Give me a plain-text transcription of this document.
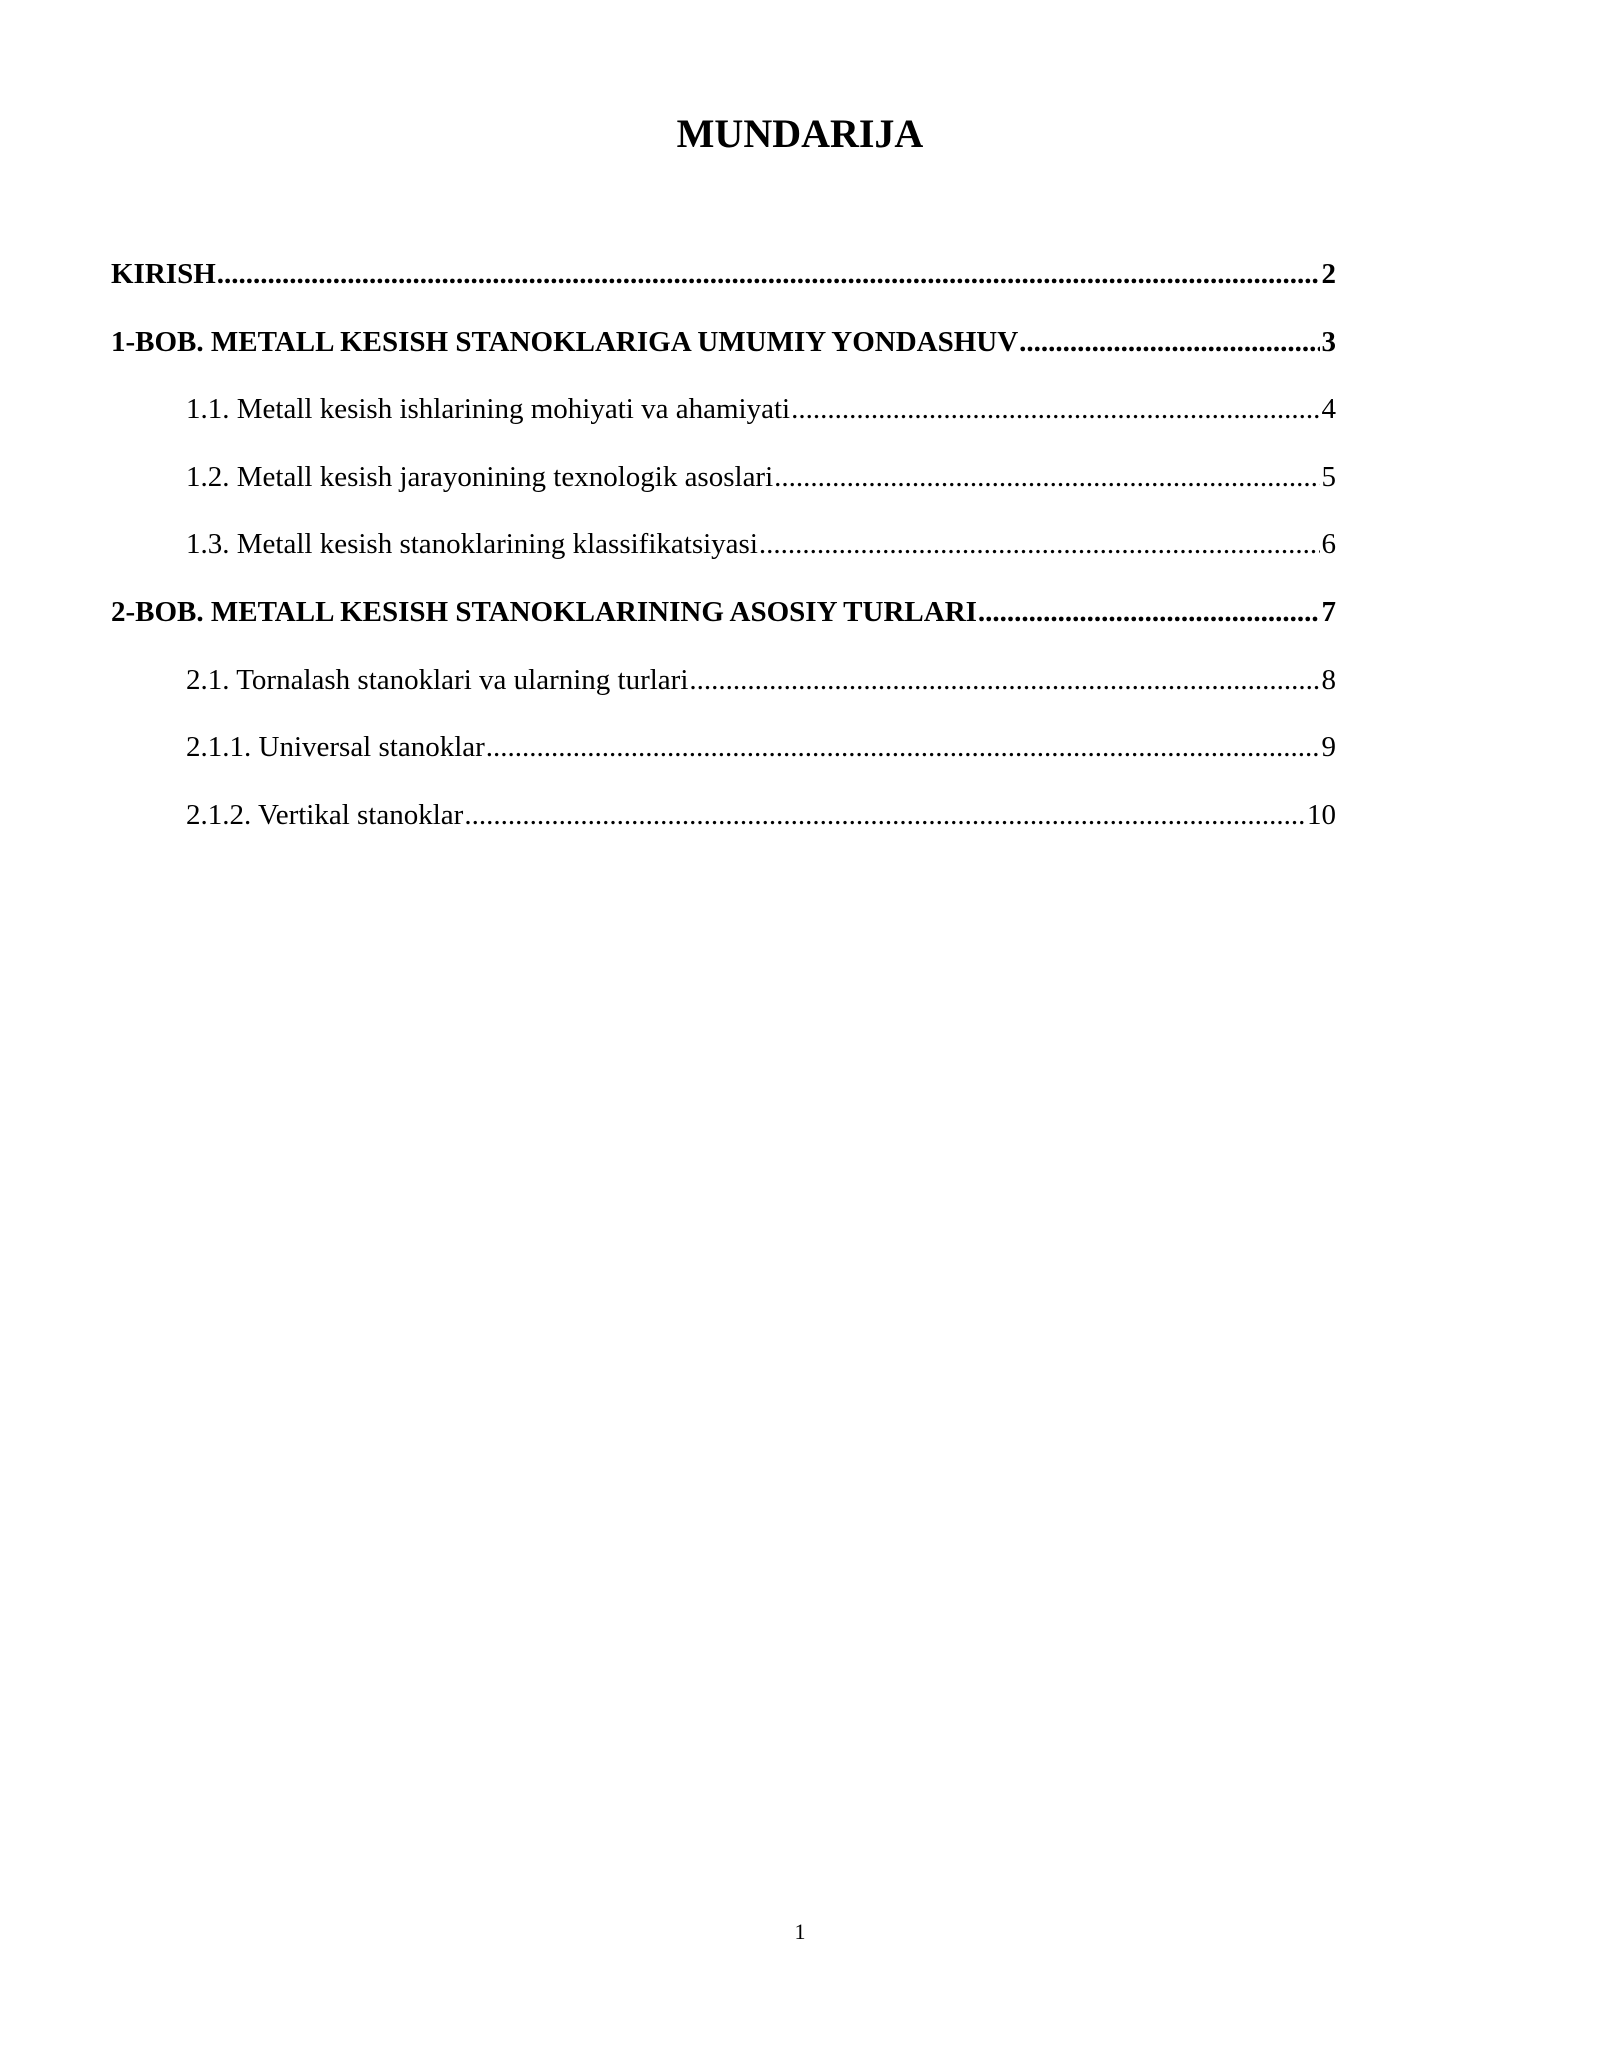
MUNDARIJA
KIRISH .....	2
1-BOB. METALL KESISH STANOKLARIGA UMUMIY YONDASHUV .....	3
1.1. Metall kesish ishlarining mohiyati va ahamiyati .....	4
1.2. Metall kesish jarayonining texnologik asoslari .....	5
1.3. Metall kesish stanoklarining klassifikatsiyasi .....	6
2-BOB. METALL KESISH STANOKLARINING ASOSIY TURLARI .....	7
2.1. Tornalash stanoklari va ularning turlari .....	8
2.1.1. Universal stanoklar .....	9
2.1.2. Vertikal stanoklar .....	10
1
